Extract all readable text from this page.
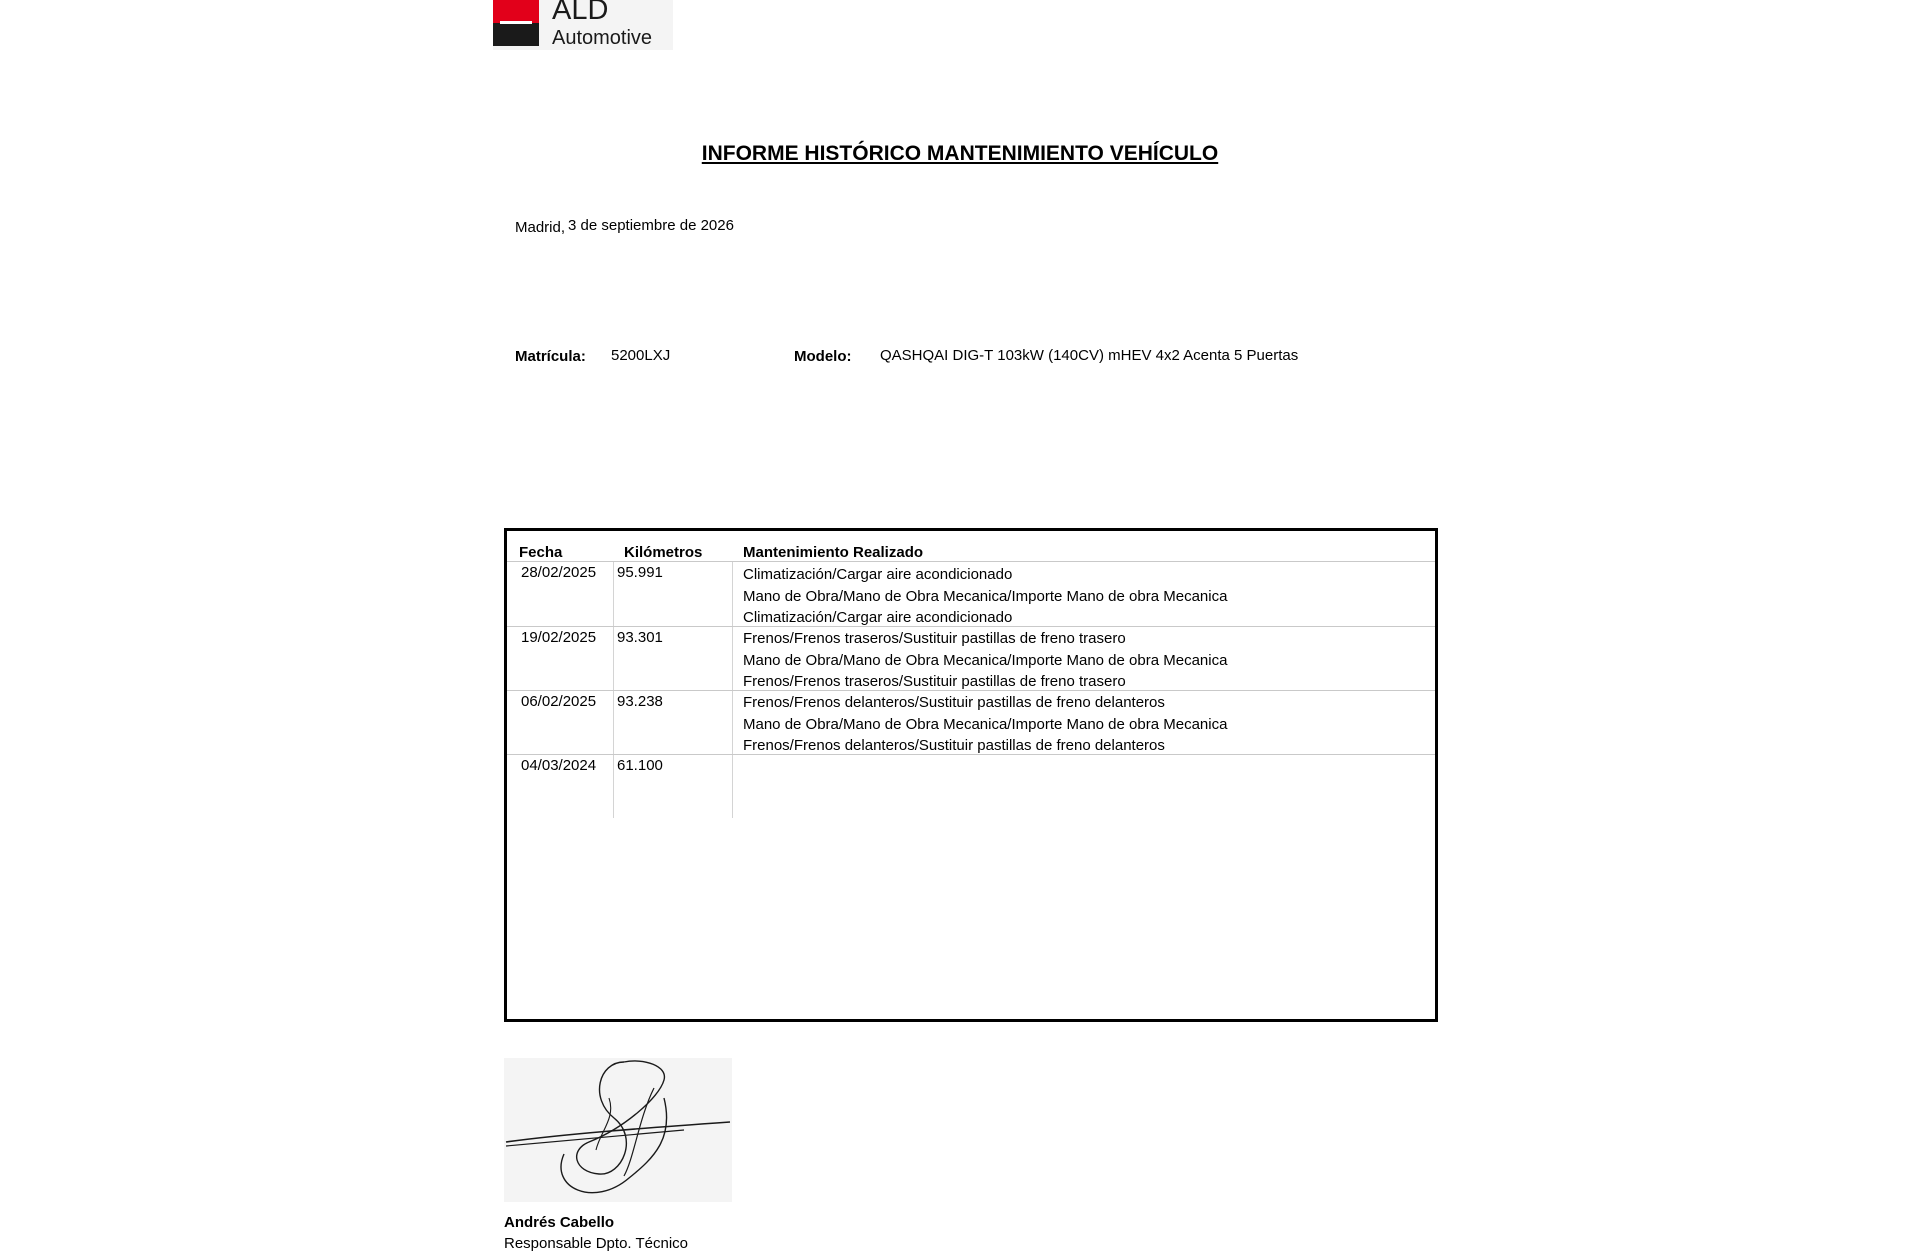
ALD
Automotive
INFORME HISTÓRICO MANTENIMIENTO VEHÍCULO
Madrid, 3 de septiembre de 2026
Matrícula: 5200LXJ	Modelo: QASHQAI DIG-T 103kW (140CV) mHEV 4x2 Acenta 5 Puertas
Fecha	Kilómetros	Mantenimiento Realizado
28/02/2025 95.991	Climatización/Cargar aire acondicionado
Mano de Obra/Mano de Obra Mecanica/Importe Mano de obra Mecanica
Climatización/Cargar aire acondicionado
19/02/2025 93.301	Frenos/Frenos traseros/Sustituir pastillas de freno trasero
Mano de Obra/Mano de Obra Mecanica/Importe Mano de obra Mecanica
Frenos/Frenos traseros/Sustituir pastillas de freno trasero
06/02/2025 93.238	Frenos/Frenos delanteros/Sustituir pastillas de freno delanteros
Mano de Obra/Mano de Obra Mecanica/Importe Mano de obra Mecanica
Frenos/Frenos delanteros/Sustituir pastillas de freno delanteros
04/03/2024 61.100
Andrés Cabello
Responsable Dpto. Técnico
